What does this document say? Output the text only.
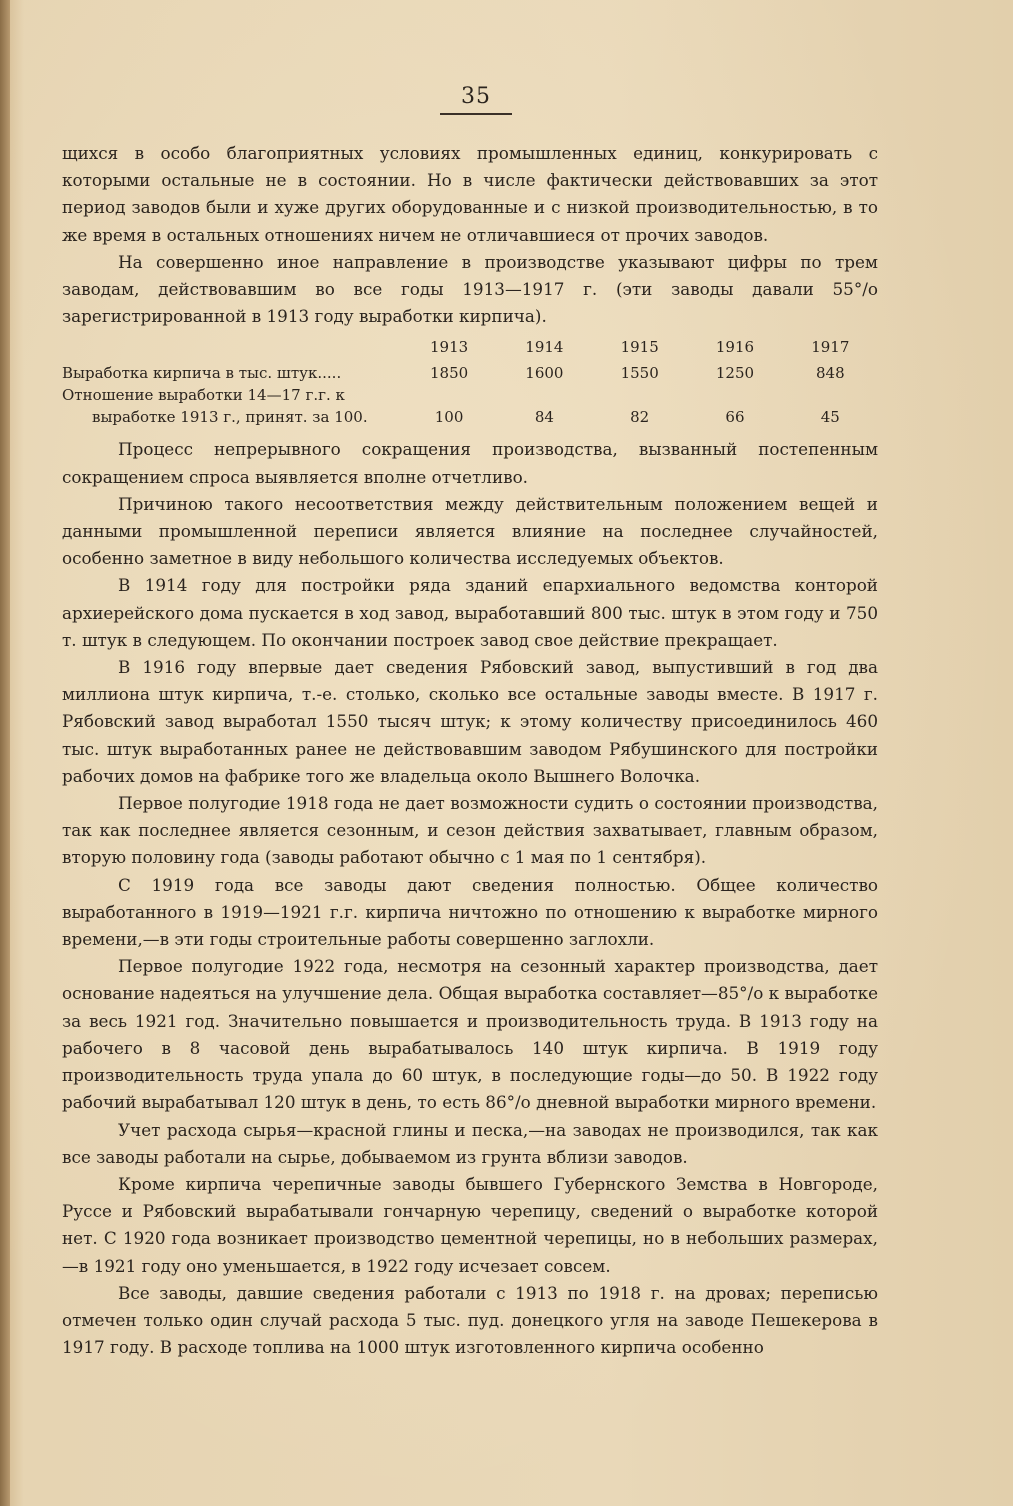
35

щихся в особо благоприятных условиях промышленных единиц, конкурировать с которыми остальные не в состоянии. Но в числе фактически действовавших за этот период заводов были и хуже других оборудованные и с низкой производительностью, в то же время в остальных отношениях ничем не отличавшиеся от прочих заводов.

На совершенно иное направление в производстве указывают цифры по трем заводам, действовавшим во все годы 1913—1917 г. (эти заводы давали 55°/о зарегистрированной в 1913 году выработки кирпича).

	1913	1914	1915	1916	1917
Выработка кирпича в тыс. штук.....	1850	1600	1550	1250	848
Отношение выработки 14—17 г.г. к					
выработке 1913 г., принят. за 100.	100	84	82	66	45

Процесс непрерывного сокращения производства, вызванный постепенным сокращением спроса выявляется вполне отчетливо.

Причиною такого несоответствия между действительным положением вещей и данными промышленной переписи является влияние на последнее случайностей, особенно заметное в виду небольшого количества исследуемых объектов.

В 1914 году для постройки ряда зданий епархиального ведомства конторой архиерейского дома пускается в ход завод, выработавший 800 тыс. штук в этом году и 750 т. штук в следующем. По окончании построек завод свое действие прекращает.

В 1916 году впервые дает сведения Рябовский завод, выпустивший в год два миллиона штук кирпича, т.-е. столько, сколько все остальные заводы вместе. В 1917 г. Рябовский завод выработал 1550 тысяч штук; к этому количеству присоединилось 460 тыс. штук выработанных ранее не действовавшим заводом Рябушинского для постройки рабочих домов на фабрике того же владельца около Вышнего Волочка.

Первое полугодие 1918 года не дает возможности судить о состоянии производства, так как последнее является сезонным, и сезон действия захватывает, главным образом, вторую половину года (заводы работают обычно с 1 мая по 1 сентября).

С 1919 года все заводы дают сведения полностью. Общее количество выработанного в 1919—1921 г.г. кирпича ничтожно по отношению к выработке мирного времени,—в эти годы строительные работы совершенно заглохли.

Первое полугодие 1922 года, несмотря на сезонный характер производства, дает основание надеяться на улучшение дела. Общая выработка составляет—85°/о к выработке за весь 1921 год. Значительно повышается и производительность труда. В 1913 году на рабочего в 8 часовой день вырабатывалось 140 штук кирпича. В 1919 году производительность труда упала до 60 штук, в последующие годы—до 50. В 1922 году рабочий вырабатывал 120 штук в день, то есть 86°/о дневной выработки мирного времени.

Учет расхода сырья—красной глины и песка,—на заводах не производился, так как все заводы работали на сырье, добываемом из грунта вблизи заводов.

Кроме кирпича черепичные заводы бывшего Губернского Земства в Новгороде, Руссе и Рябовский вырабатывали гончарную черепицу, сведений о выработке которой нет. С 1920 года возникает производство цементной черепицы, но в небольших размерах,—в 1921 году оно уменьшается, в 1922 году исчезает совсем.

Все заводы, давшие сведения работали с 1913 по 1918 г. на дровах; переписью отмечен только один случай расхода 5 тыс. пуд. донецкого угля на заводе Пешекерова в 1917 году. В расходе топлива на 1000 штук изготовленного кирпича особенно
